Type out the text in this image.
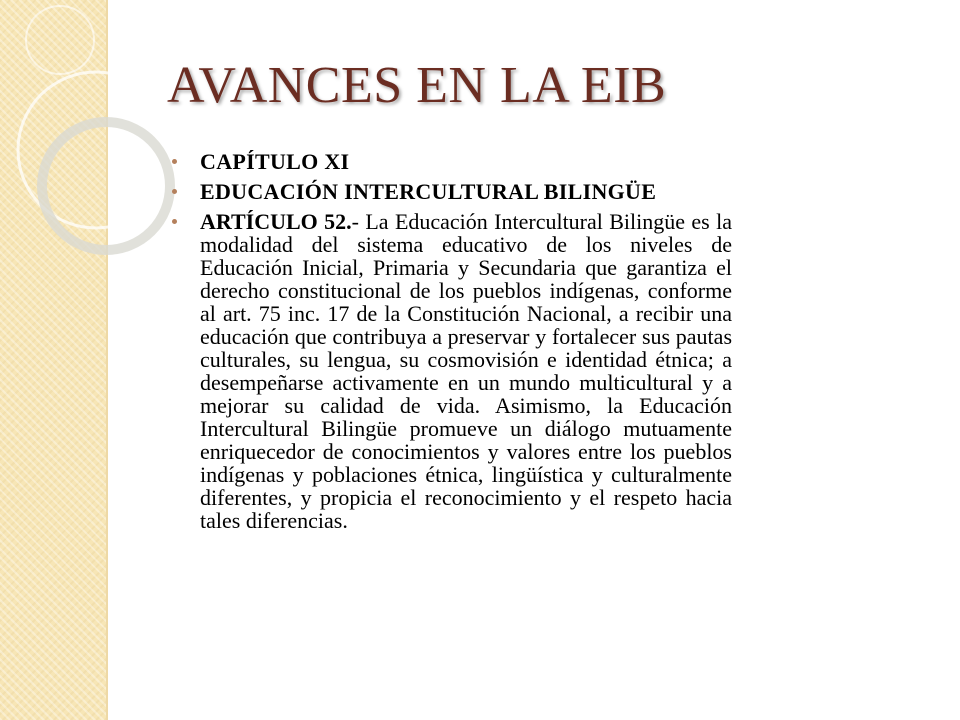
AVANCES EN LA EIB
CAPÍTULO XI
EDUCACIÓN INTERCULTURAL BILINGÜE
ARTÍCULO 52.- La Educación Intercultural Bilingüe es la modalidad del sistema educativo de los niveles de Educación Inicial, Primaria y Secundaria que garantiza el derecho constitucional de los pueblos indígenas, conforme al art. 75 inc. 17 de la Constitución Nacional, a recibir una educación que contribuya a preservar y fortalecer sus pautas culturales, su lengua, su cosmovisión e identidad étnica; a desempeñarse activamente en un mundo multicultural y a mejorar su calidad de vida. Asimismo, la Educación Intercultural Bilingüe promueve un diálogo mutuamente enriquecedor de conocimientos y valores entre los pueblos indígenas y poblaciones étnica, lingüística y culturalmente diferentes, y propicia el reconocimiento y el respeto hacia tales diferencias.
